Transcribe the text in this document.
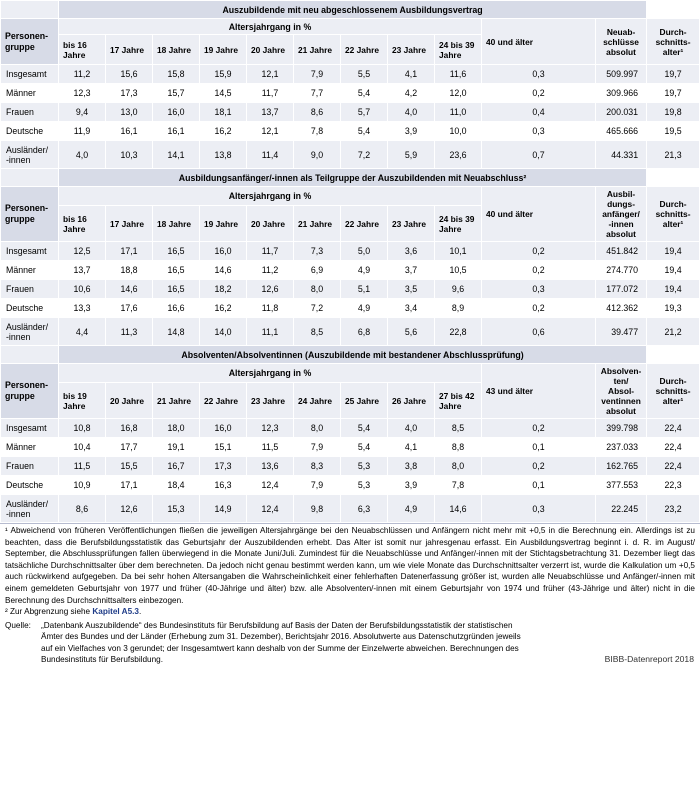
	Auszubildende mit neu abgeschlossenem Ausbildungsvertrag											
Personen-
gruppe	Altersjahrgang in %									40 und älter	Neuab-schlüsse absolut	Durch-schnitts-alter¹
	bis 16 Jahre	17 Jahre	18 Jahre	19 Jahre	20 Jahre	21 Jahre	22 Jahre	23 Jahre	24 bis 39 Jahre			
Insgesamt	11,2	15,6	15,8	15,9	12,1	7,9	5,5	4,1	11,6	0,3	509.997	19,7
Männer	12,3	17,3	15,7	14,5	11,7	7,7	5,4	4,2	12,0	0,2	309.966	19,7
Frauen	9,4	13,0	16,0	18,1	13,7	8,6	5,7	4,0	11,0	0,4	200.031	19,8
Deutsche	11,9	16,1	16,1	16,2	12,1	7,8	5,4	3,9	10,0	0,3	465.666	19,5
Ausländer/
-innen	4,0	10,3	14,1	13,8	11,4	9,0	7,2	5,9	23,6	0,7	44.331	21,3
	Ausbildungsanfänger/-innen als Teilgruppe der Auszubildenden mit Neuabschluss²											
Personen-
gruppe	Altersjahrgang in %									40 und älter	Ausbil-dungs-anfänger/ -innen absolut	Durch-schnitts-alter¹
	bis 16 Jahre	17 Jahre	18 Jahre	19 Jahre	20 Jahre	21 Jahre	22 Jahre	23 Jahre	24 bis 39 Jahre			
Insgesamt	12,5	17,1	16,5	16,0	11,7	7,3	5,0	3,6	10,1	0,2	451.842	19,4
Männer	13,7	18,8	16,5	14,6	11,2	6,9	4,9	3,7	10,5	0,2	274.770	19,4
Frauen	10,6	14,6	16,5	18,2	12,6	8,0	5,1	3,5	9,6	0,3	177.072	19,4
Deutsche	13,3	17,6	16,6	16,2	11,8	7,2	4,9	3,4	8,9	0,2	412.362	19,3
Ausländer/
-innen	4,4	11,3	14,8	14,0	11,1	8,5	6,8	5,6	22,8	0,6	39.477	21,2
	Absolventen/Absolventinnen (Auszubildende mit bestandener Abschlussprüfung)											
Personen-
gruppe	Altersjahrgang in %									43 und älter	Absolven-ten/ Absol-ventinnen absolut	Durch-schnitts-alter¹
	bis 19 Jahre	20 Jahre	21 Jahre	22 Jahre	23 Jahre	24 Jahre	25 Jahre	26 Jahre	27 bis 42 Jahre			
Insgesamt	10,8	16,8	18,0	16,0	12,3	8,0	5,4	4,0	8,5	0,2	399.798	22,4
Männer	10,4	17,7	19,1	15,1	11,5	7,9	5,4	4,1	8,8	0,1	237.033	22,4
Frauen	11,5	15,5	16,7	17,3	13,6	8,3	5,3	3,8	8,0	0,2	162.765	22,4
Deutsche	10,9	17,1	18,4	16,3	12,4	7,9	5,3	3,9	7,8	0,1	377.553	22,3
Ausländer/
-innen	8,6	12,6	15,3	14,9	12,4	9,8	6,3	4,9	14,6	0,3	22.245	23,2

¹ Abweichend von früheren Veröffentlichungen fließen die jeweiligen Altersjahrgänge bei den Neuabschlüssen und Anfängern nicht mehr mit +0,5 in die Berechnung ein. Allerdings ist zu beachten, dass die Berufsbildungsstatistik das Geburtsjahr der Auszubildenden erhebt. Das Alter ist somit nur jahresgenau erfasst. Ein Ausbildungsvertrag beginnt i. d. R. im August/ September, die Abschlussprüfungen fallen überwiegend in die Monate Juni/Juli. Zumindest für die Neuabschlüsse und Anfänger/-innen mit der Stichtagsbetrachtung 31. Dezember liegt das tatsächliche Durchschnittsalter über dem berechneten. Da jedoch nicht genau bestimmt werden kann, um wie viele Monate das Durchschnittsalter verzerrt ist, wurde die Kalkulation um +0,5 auch rückwirkend aufgegeben. Da bei sehr hohen Altersangaben die Wahrscheinlichkeit einer fehlerhaften Datenerfassung größer ist, wurden alle Neuabschlüsse und Anfänger/-innen mit einem gemeldeten Geburtsjahr von 1977 und früher (40-Jährige und älter) bzw. alle Absolventen/-innen mit einem Geburtsjahr von 1974 und früher (43-Jährige und älter) nicht in die Berechnung des Durchschnittsalters einbezogen.

² Zur Abgrenzung siehe Kapitel A5.3.

Quelle:	„Datenbank Auszubildende“ des Bundesinstituts für Berufsbildung auf Basis der Daten der Berufsbildungsstatistik der statistischen Ämter des Bundes und der Länder (Erhebung zum 31. Dezember), Berichtsjahr 2016. Absolutwerte aus Datenschutzgründen jeweils auf ein Vielfaches von 3 gerundet; der Insgesamtwert kann deshalb von der Summe der Einzelwerte abweichen. Berechnungen des Bundesinstituts für Berufsbildung.	BIBB-Datenreport 2018
